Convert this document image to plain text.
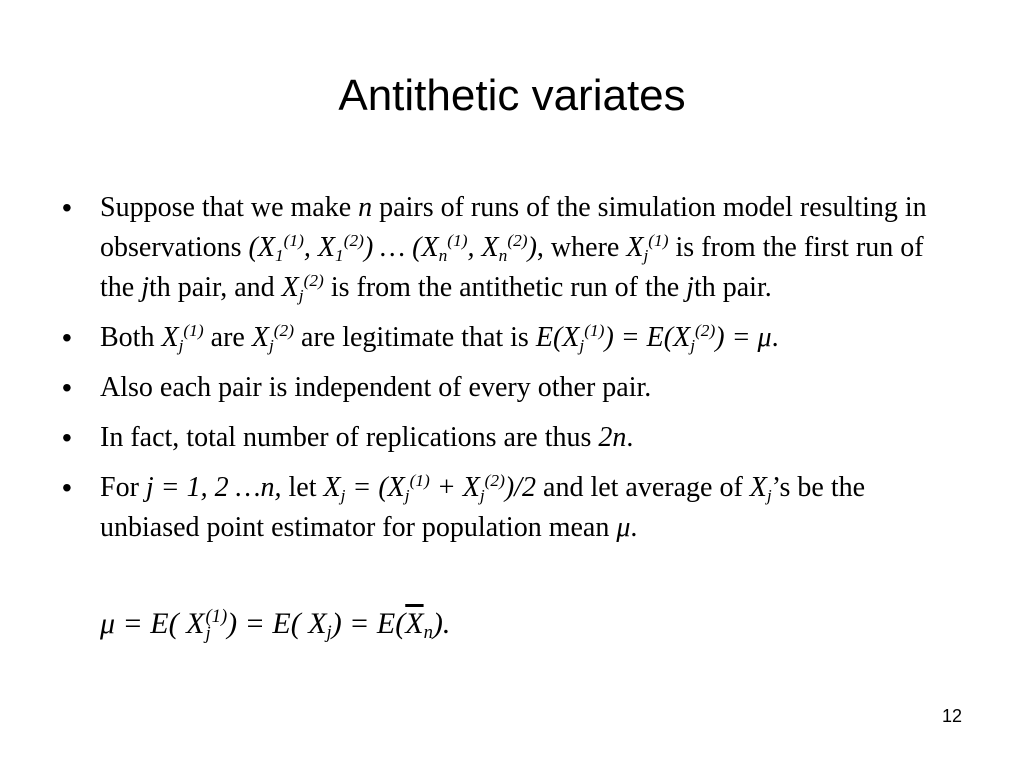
Antithetic variates
• Suppose that we make n pairs of runs of the simulation model resulting in observations ($X_1^{(1)}$, $X_1^{(2)}$) … ($X_n^{(1)}$, $X_n^{(2)}$), where $X_j^{(1)}$ is from the first run of the jth pair, and $X_j^{(2)}$ is from the antithetic run of the jth pair.
• Both $X_j^{(1)}$ are $X_j^{(2)}$ are legitimate that is $E(X_j^{(1)}) = E(X_j^{(2)}) = \mu$.
• Also each pair is independent of every other pair.
• In fact, total number of replications are thus 2n.
• For j = 1, 2 …n, let $X_j = (X_j^{(1)} + X_j^{(2)})/2$ and let average of $X_j’s$ be the unbiased point estimator for population mean μ.
μ = E( X (1)
j ) = E( $X_j) = E(\overline{X}_n)$.
12
